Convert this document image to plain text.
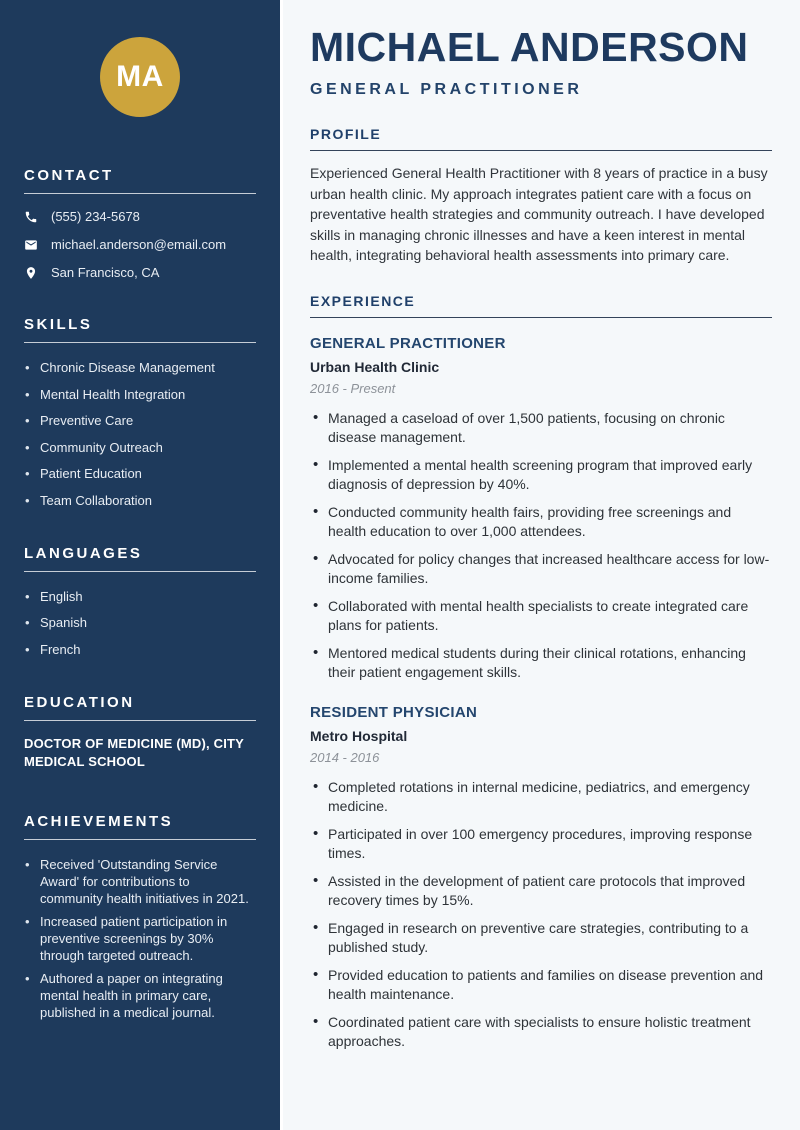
MA
CONTACT
(555) 234-5678
michael.anderson@email.com
San Francisco, CA
SKILLS
• Chronic Disease Management
• Mental Health Integration
• Preventive Care
• Community Outreach
• Patient Education
• Team Collaboration
LANGUAGES
• English
• Spanish
• French
EDUCATION

DOCTOR OF MEDICINE (MD), CITY MEDICAL SCHOOL

ACHIEVEMENTS
• Received 'Outstanding Service Award' for contributions to community health initiatives in 2021.
• Increased patient participation in preventive screenings by 30% through targeted outreach.
• Authored a paper on integrating mental health in primary care, published in a medical journal.
MICHAEL ANDERSON
GENERAL PRACTITIONER
PROFILE

Experienced General Health Practitioner with 8 years of practice in a busy urban health clinic. My approach integrates patient care with a focus on preventative health strategies and community outreach. I have developed skills in managing chronic illnesses and have a keen interest in mental health, integrating behavioral health assessments into primary care.

EXPERIENCE
GENERAL PRACTITIONER
Urban Health Clinic
2016 - Present
• Managed a caseload of over 1,500 patients, focusing on chronic disease management.
• Implemented a mental health screening program that improved early diagnosis of depression by 40%.
• Conducted community health fairs, providing free screenings and health education to over 1,000 attendees.
• Advocated for policy changes that increased healthcare access for low-income families.
• Collaborated with mental health specialists to create integrated care plans for patients.
• Mentored medical students during their clinical rotations, enhancing their patient engagement skills.
RESIDENT PHYSICIAN
Metro Hospital
2014 - 2016
• Completed rotations in internal medicine, pediatrics, and emergency medicine.
• Participated in over 100 emergency procedures, improving response times.
• Assisted in the development of patient care protocols that improved recovery times by 15%.
• Engaged in research on preventive care strategies, contributing to a published study.
• Provided education to patients and families on disease prevention and health maintenance.
• Coordinated patient care with specialists to ensure holistic treatment approaches.
